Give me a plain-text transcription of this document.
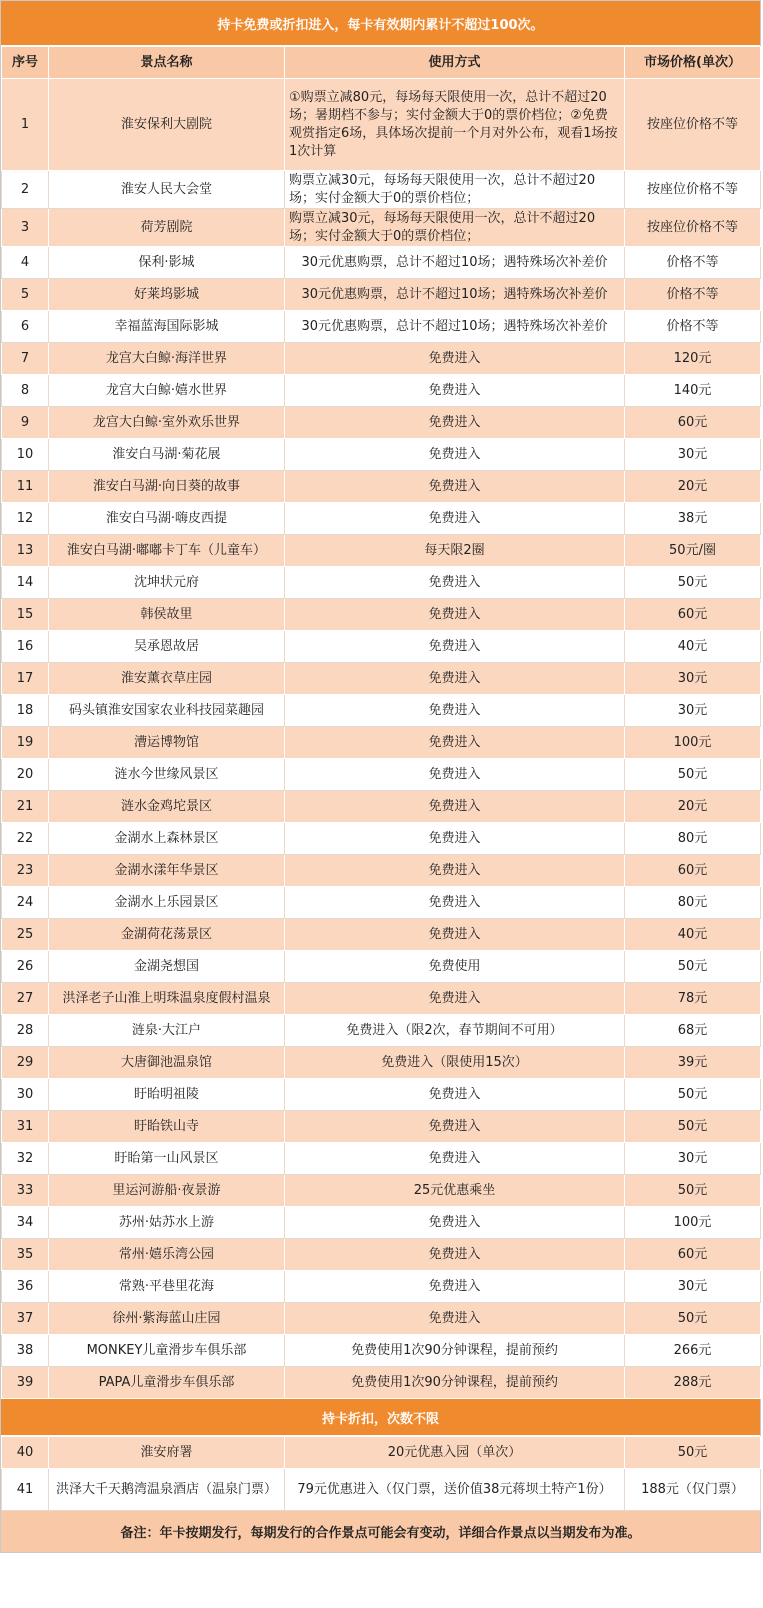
持卡免费或折扣进入，每卡有效期内累计不超过100次。
序号	景点名称	使用方式	市场价格(单次）
1	淮安保利大剧院	①购票立减80元，每场每天限使用一次，总计不超过20场；暑期档不参与；实付金额大于0的票价档位；②免费观赏指定6场，具体场次提前一个月对外公布，观看1场按1次计算	按座位价格不等
2	淮安人民大会堂	购票立减30元，每场每天限使用一次，总计不超过20场；实付金额大于0的票价档位；	按座位价格不等
3	荷芳剧院	购票立减30元，每场每天限使用一次，总计不超过20场；实付金额大于0的票价档位；	按座位价格不等
4	保利·影城	30元优惠购票，总计不超过10场；遇特殊场次补差价	价格不等
5	好莱坞影城	30元优惠购票，总计不超过10场；遇特殊场次补差价	价格不等
6	幸福蓝海国际影城	30元优惠购票，总计不超过10场；遇特殊场次补差价	价格不等
7	龙宫大白鲸·海洋世界	免费进入	120元
8	龙宫大白鲸·嬉水世界	免费进入	140元
9	龙宫大白鲸·室外欢乐世界	免费进入	60元
10	淮安白马湖·菊花展	免费进入	30元
11	淮安白马湖·向日葵的故事	免费进入	20元
12	淮安白马湖·嗨皮西提	免费进入	38元
13	淮安白马湖·嘟嘟卡丁车（儿童车）	每天限2圈	50元/圈
14	沈坤状元府	免费进入	50元
15	韩侯故里	免费进入	60元
16	吴承恩故居	免费进入	40元
17	淮安薰衣草庄园	免费进入	30元
18	码头镇淮安国家农业科技园菜趣园	免费进入	30元
19	漕运博物馆	免费进入	100元
20	涟水今世缘风景区	免费进入	50元
21	涟水金鸡坨景区	免费进入	20元
22	金湖水上森林景区	免费进入	80元
23	金湖水漾年华景区	免费进入	60元
24	金湖水上乐园景区	免费进入	80元
25	金湖荷花荡景区	免费进入	40元
26	金湖尧想国	免费使用	50元
27	洪泽老子山淮上明珠温泉度假村温泉	免费进入	78元
28	涟泉·大江户	免费进入（限2次，春节期间不可用）	68元
29	大唐御池温泉馆	免费进入（限使用15次）	39元
30	盱眙明祖陵	免费进入	50元
31	盱眙铁山寺	免费进入	50元
32	盱眙第一山风景区	免费进入	30元
33	里运河游船·夜景游	25元优惠乘坐	50元
34	苏州·姑苏水上游	免费进入	100元
35	常州·嬉乐湾公园	免费进入	60元
36	常熟·平巷里花海	免费进入	30元
37	徐州·紫海蓝山庄园	免费进入	50元
38	MONKEY儿童滑步车俱乐部	免费使用1次90分钟课程，提前预约	266元
39	PAPA儿童滑步车俱乐部	免费使用1次90分钟课程，提前预约	288元
持卡折扣，次数不限
40	淮安府署	20元优惠入园（单次）	50元
41	洪泽大千天鹅湾温泉酒店（温泉门票）	79元优惠进入（仅门票，送价值38元蒋坝土特产1份）	188元（仅门票）
备注：年卡按期发行，每期发行的合作景点可能会有变动，详细合作景点以当期发布为准。
